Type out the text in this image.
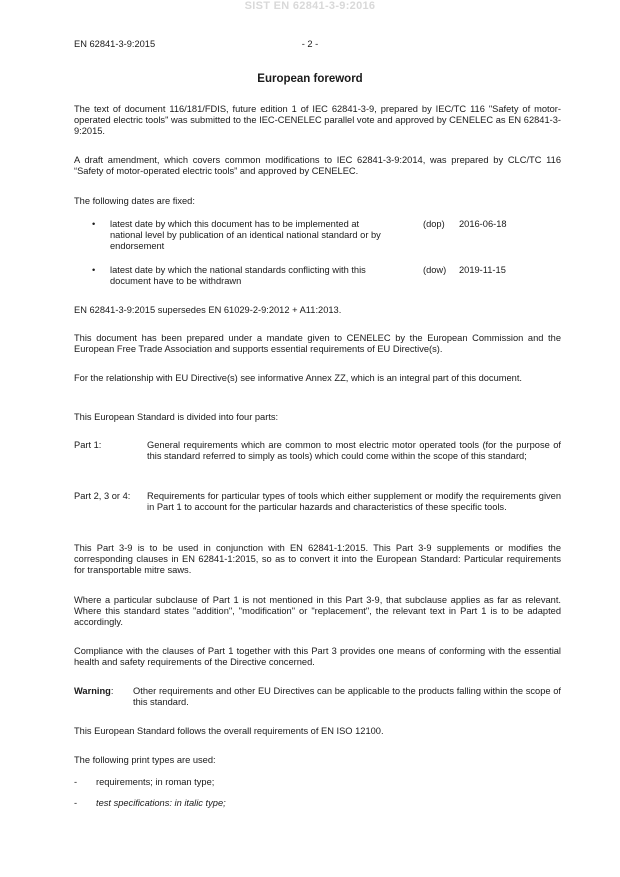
SIST EN 62841-3-9:2016
EN 62841-3-9:2015	- 2 -
European foreword

The text of document 116/181/FDIS, future edition 1 of IEC 62841-3-9, prepared by IEC/TC 116 "Safety of motor-operated electric tools" was submitted to the IEC-CENELEC parallel vote and approved by CENELEC as EN 62841-3-9:2015.

A draft amendment, which covers common modifications to IEC 62841-3-9:2014, was prepared by CLC/TC 116 “Safety of motor-operated electric tools” and approved by CENELEC.

The following dates are fixed:

• latest date by which this document has to be implemented at national level by publication of an identical national standard or by endorsement
(dop) 2016-06-18
• latest date by which the national standards conflicting with this document have to be withdrawn
(dow) 2019-11-15

EN 62841-3-9:2015 supersedes EN 61029-2-9:2012 + A11:2013.

This document has been prepared under a mandate given to CENELEC by the European Commission and the European Free Trade Association and supports essential requirements of EU Directive(s).

For the relationship with EU Directive(s) see informative Annex ZZ, which is an integral part of this document.

This European Standard is divided into four parts:

Part 1:	General requirements which are common to most electric motor operated tools (for the purpose of this standard referred to simply as tools) which could come within the scope of this standard;
Part 2, 3 or 4: Requirements for particular types of tools which either supplement or modify the requirements given in Part 1 to account for the particular hazards and characteristics of these specific tools.

This Part 3-9 is to be used in conjunction with EN 62841-1:2015. This Part 3-9 supplements or modifies the corresponding clauses in EN 62841-1:2015, so as to convert it into the European Standard: Particular requirements for transportable mitre saws.

Where a particular subclause of Part 1 is not mentioned in this Part 3-9, that subclause applies as far as relevant. Where this standard states "addition", "modification" or "replacement", the relevant text in Part 1 is to be adapted accordingly.

Compliance with the clauses of Part 1 together with this Part 3 provides one means of conforming with the essential health and safety requirements of the Directive concerned.

Warning: Other requirements and other EU Directives can be applicable to the products falling within the scope of this standard.

This European Standard follows the overall requirements of EN ISO 12100.

The following print types are used:

- requirements; in roman type;
- test specifications: in italic type;
